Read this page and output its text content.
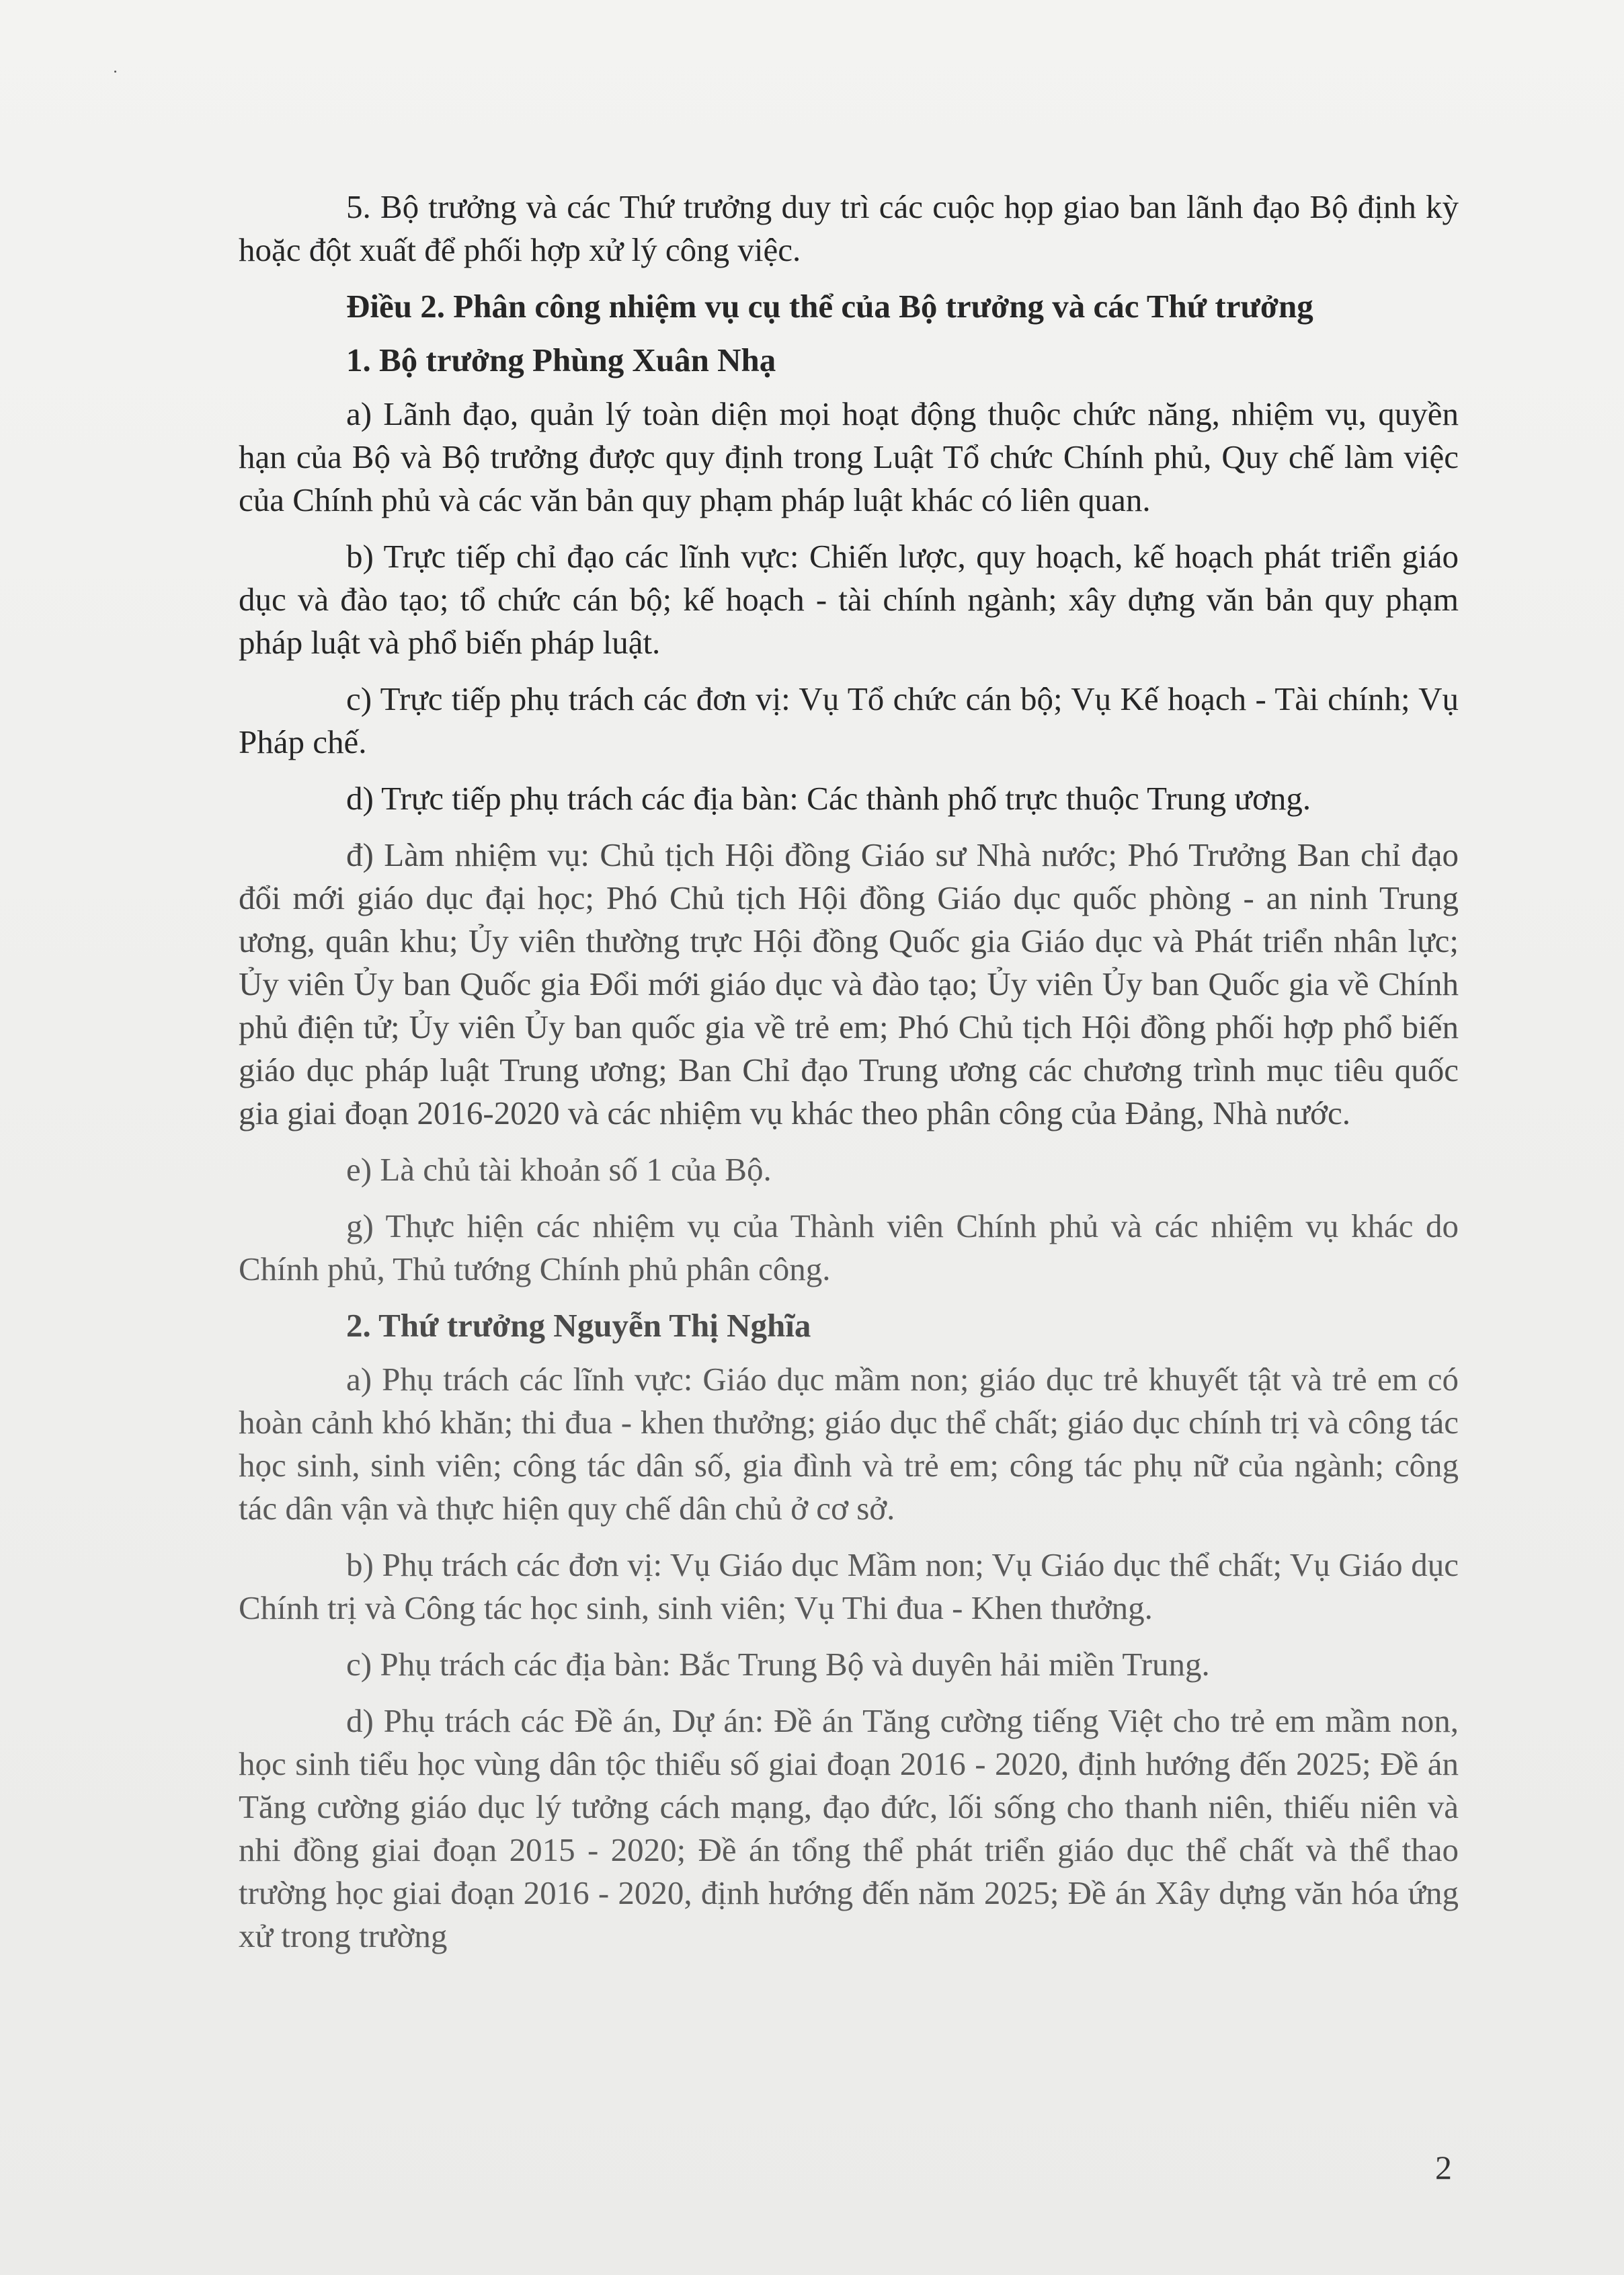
5. Bộ trưởng và các Thứ trưởng duy trì các cuộc họp giao ban lãnh đạo Bộ định kỳ hoặc đột xuất để phối hợp xử lý công việc.

Điều 2. Phân công nhiệm vụ cụ thể của Bộ trưởng và các Thứ trưởng

1. Bộ trưởng Phùng Xuân Nhạ

a) Lãnh đạo, quản lý toàn diện mọi hoạt động thuộc chức năng, nhiệm vụ, quyền hạn của Bộ và Bộ trưởng được quy định trong Luật Tổ chức Chính phủ, Quy chế làm việc của Chính phủ và các văn bản quy phạm pháp luật khác có liên quan.

b) Trực tiếp chỉ đạo các lĩnh vực: Chiến lược, quy hoạch, kế hoạch phát triển giáo dục và đào tạo; tổ chức cán bộ; kế hoạch - tài chính ngành; xây dựng văn bản quy phạm pháp luật và phổ biến pháp luật.

c) Trực tiếp phụ trách các đơn vị: Vụ Tổ chức cán bộ; Vụ Kế hoạch - Tài chính; Vụ Pháp chế.

d) Trực tiếp phụ trách các địa bàn: Các thành phố trực thuộc Trung ương.

đ) Làm nhiệm vụ: Chủ tịch Hội đồng Giáo sư Nhà nước; Phó Trưởng Ban chỉ đạo đổi mới giáo dục đại học; Phó Chủ tịch Hội đồng Giáo dục quốc phòng - an ninh Trung ương, quân khu; Ủy viên thường trực Hội đồng Quốc gia Giáo dục và Phát triển nhân lực; Ủy viên Ủy ban Quốc gia Đổi mới giáo dục và đào tạo; Ủy viên Ủy ban Quốc gia về Chính phủ điện tử; Ủy viên Ủy ban quốc gia về trẻ em; Phó Chủ tịch Hội đồng phối hợp phổ biến giáo dục pháp luật Trung ương; Ban Chỉ đạo Trung ương các chương trình mục tiêu quốc gia giai đoạn 2016-2020 và các nhiệm vụ khác theo phân công của Đảng, Nhà nước.

e) Là chủ tài khoản số 1 của Bộ.

g) Thực hiện các nhiệm vụ của Thành viên Chính phủ và các nhiệm vụ khác do Chính phủ, Thủ tướng Chính phủ phân công.

2. Thứ trưởng Nguyễn Thị Nghĩa

a) Phụ trách các lĩnh vực: Giáo dục mầm non; giáo dục trẻ khuyết tật và trẻ em có hoàn cảnh khó khăn; thi đua - khen thưởng; giáo dục thể chất; giáo dục chính trị và công tác học sinh, sinh viên; công tác dân số, gia đình và trẻ em; công tác phụ nữ của ngành; công tác dân vận và thực hiện quy chế dân chủ ở cơ sở.

b) Phụ trách các đơn vị: Vụ Giáo dục Mầm non; Vụ Giáo dục thể chất; Vụ Giáo dục Chính trị và Công tác học sinh, sinh viên; Vụ Thi đua - Khen thưởng.

c) Phụ trách các địa bàn: Bắc Trung Bộ và duyên hải miền Trung.

d) Phụ trách các Đề án, Dự án: Đề án Tăng cường tiếng Việt cho trẻ em mầm non, học sinh tiểu học vùng dân tộc thiểu số giai đoạn 2016 - 2020, định hướng đến 2025; Đề án Tăng cường giáo dục lý tưởng cách mạng, đạo đức, lối sống cho thanh niên, thiếu niên và nhi đồng giai đoạn 2015 - 2020; Đề án tổng thể phát triển giáo dục thể chất và thể thao trường học giai đoạn 2016 - 2020, định hướng đến năm 2025; Đề án Xây dựng văn hóa ứng xử trong trường

2
